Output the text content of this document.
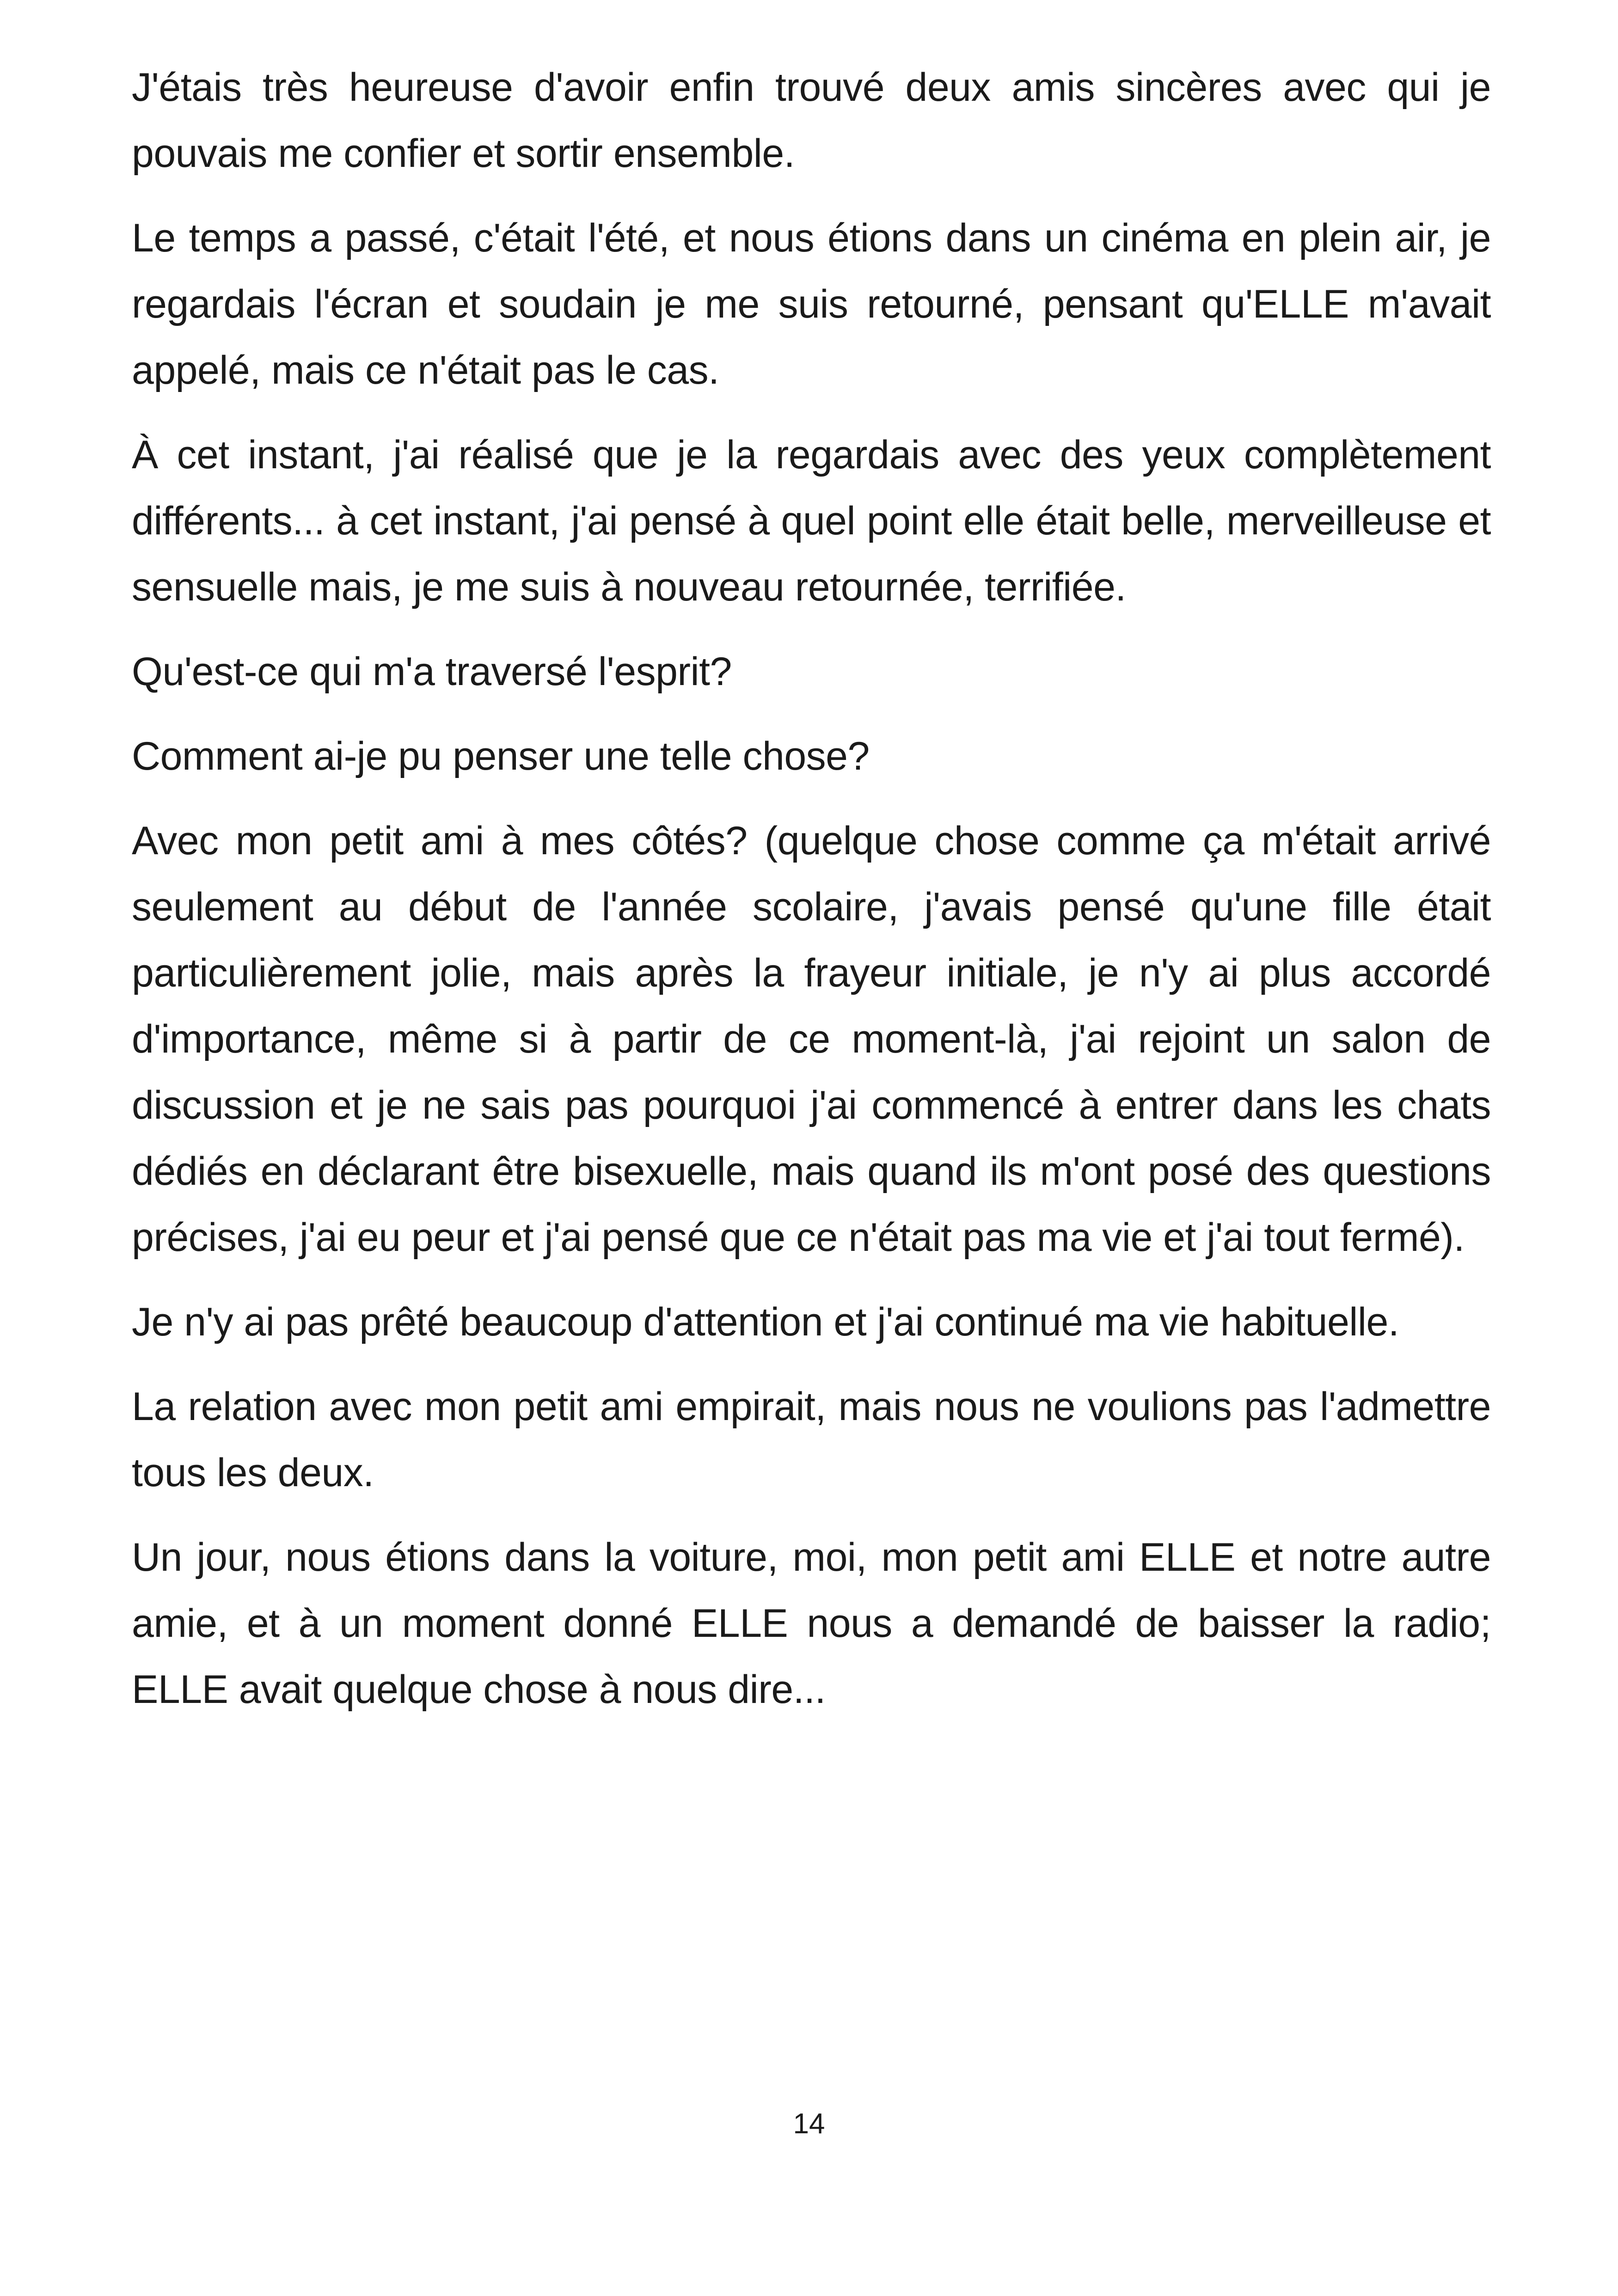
J'étais très heureuse d'avoir enfin trouvé deux amis sincères avec qui je pouvais me confier et sortir ensemble.

Le temps a passé, c'était l'été, et nous étions dans un cinéma en plein air, je regardais l'écran et soudain je me suis retourné, pensant qu'ELLE m'avait appelé, mais ce n'était pas le cas.

À cet instant, j'ai réalisé que je la regardais avec des yeux complètement différents... à cet instant, j'ai pensé à quel point elle était belle, merveilleuse et sensuelle mais, je me suis à nouveau retournée, terrifiée.

Qu'est-ce qui m'a traversé l'esprit?

Comment ai-je pu penser une telle chose?

Avec mon petit ami à mes côtés? (quelque chose comme ça m'était arrivé seulement au début de l'année scolaire, j'avais pensé qu'une fille était particulièrement jolie, mais après la frayeur initiale, je n'y ai plus accordé d'importance, même si à partir de ce moment-là, j'ai rejoint un salon de discussion et je ne sais pas pourquoi j'ai commencé à entrer dans les chats dédiés en déclarant être bisexuelle, mais quand ils m'ont posé des questions précises, j'ai eu peur et j'ai pensé que ce n'était pas ma vie et j'ai tout fermé).

Je n'y ai pas prêté beaucoup d'attention et j'ai continué ma vie habituelle.

La relation avec mon petit ami empirait, mais nous ne voulions pas l'admettre tous les deux.

Un jour, nous étions dans la voiture, moi, mon petit ami ELLE et notre autre amie, et à un moment donné ELLE nous a demandé de baisser la radio; ELLE avait quelque chose à nous dire...

14
